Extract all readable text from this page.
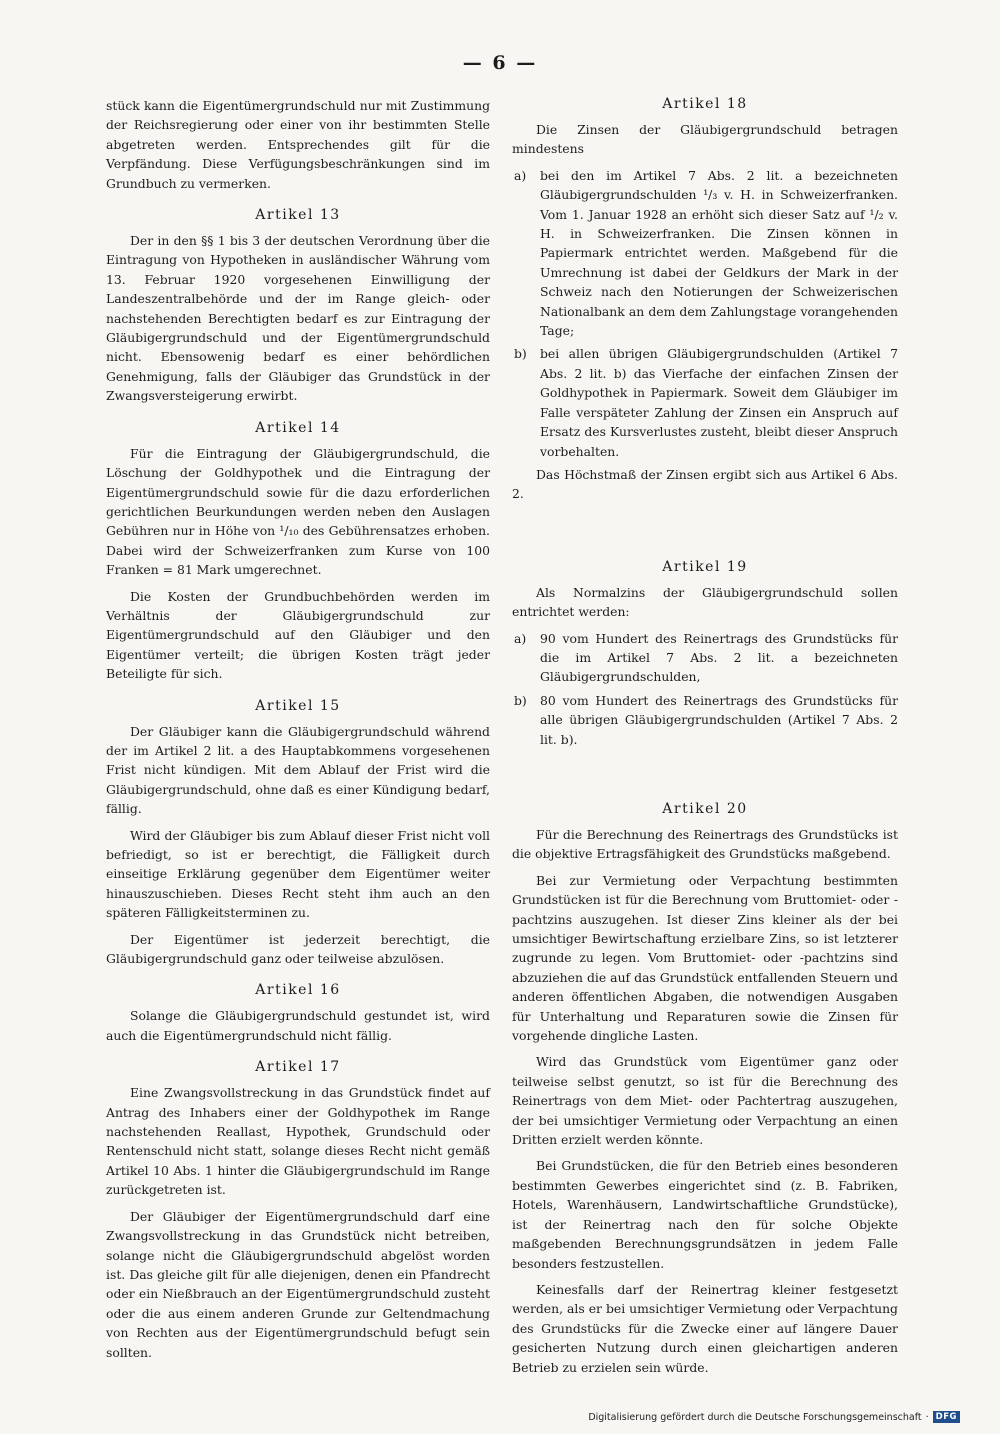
— 6 —

stück kann die Eigentümergrundschuld nur mit Zustimmung der Reichsregierung oder einer von ihr bestimmten Stelle abgetreten werden. Entsprechendes gilt für die Verpfändung. Diese Verfügungsbeschränkungen sind im Grundbuch zu vermerken.

Artikel 13

Der in den §§ 1 bis 3 der deutschen Verordnung über die Eintragung von Hypotheken in ausländischer Währung vom 13. Februar 1920 vorgesehenen Einwilligung der Landeszentralbehörde und der im Range gleich- oder nachstehenden Berechtigten bedarf es zur Eintragung der Gläubigergrundschuld und der Eigentümergrundschuld nicht. Ebensowenig bedarf es einer behördlichen Genehmigung, falls der Gläubiger das Grundstück in der Zwangsversteigerung erwirbt.

Artikel 14

Für die Eintragung der Gläubigergrundschuld, die Löschung der Goldhypothek und die Eintragung der Eigentümergrundschuld sowie für die dazu erforderlichen gerichtlichen Beurkundungen werden neben den Auslagen Gebühren nur in Höhe von ¹/₁₀ des Gebührensatzes erhoben. Dabei wird der Schweizerfranken zum Kurse von 100 Franken = 81 Mark umgerechnet.

Die Kosten der Grundbuchbehörden werden im Verhältnis der Gläubigergrundschuld zur Eigentümergrundschuld auf den Gläubiger und den Eigentümer verteilt; die übrigen Kosten trägt jeder Beteiligte für sich.

Artikel 15

Der Gläubiger kann die Gläubigergrundschuld während der im Artikel 2 lit. a des Hauptabkommens vorgesehenen Frist nicht kündigen. Mit dem Ablauf der Frist wird die Gläubigergrundschuld, ohne daß es einer Kündigung bedarf, fällig.

Wird der Gläubiger bis zum Ablauf dieser Frist nicht voll befriedigt, so ist er berechtigt, die Fälligkeit durch einseitige Erklärung gegenüber dem Eigentümer weiter hinauszuschieben. Dieses Recht steht ihm auch an den späteren Fälligkeitsterminen zu.

Der Eigentümer ist jederzeit berechtigt, die Gläubigergrundschuld ganz oder teilweise abzulösen.

Artikel 16

Solange die Gläubigergrundschuld gestundet ist, wird auch die Eigentümergrundschuld nicht fällig.

Artikel 17

Eine Zwangsvollstreckung in das Grundstück findet auf Antrag des Inhabers einer der Goldhypothek im Range nachstehenden Reallast, Hypothek, Grundschuld oder Rentenschuld nicht statt, solange dieses Recht nicht gemäß Artikel 10 Abs. 1 hinter die Gläubigergrundschuld im Range zurückgetreten ist.

Der Gläubiger der Eigentümergrundschuld darf eine Zwangsvollstreckung in das Grundstück nicht betreiben, solange nicht die Gläubigergrundschuld abgelöst worden ist. Das gleiche gilt für alle diejenigen, denen ein Pfandrecht oder ein Nießbrauch an der Eigentümergrundschuld zusteht oder die aus einem anderen Grunde zur Geltendmachung von Rechten aus der Eigentümergrundschuld befugt sein sollten.

Artikel 18

Die Zinsen der Gläubigergrundschuld betragen mindestens

a)	bei den im Artikel 7 Abs. 2 lit. a bezeichneten Gläubigergrundschulden ¹/₃ v. H. in Schweizerfranken. Vom 1. Januar 1928 an erhöht sich dieser Satz auf ¹/₂ v. H. in Schweizerfranken. Die Zinsen können in Papiermark entrichtet werden. Maßgebend für die Umrechnung ist dabei der Geldkurs der Mark in der Schweiz nach den Notierungen der Schweizerischen Nationalbank an dem dem Zahlungstage vorangehenden Tage;
b)	bei allen übrigen Gläubigergrundschulden (Artikel 7 Abs. 2 lit. b) das Vierfache der einfachen Zinsen der Goldhypothek in Papiermark. Soweit dem Gläubiger im Falle verspäteter Zahlung der Zinsen ein Anspruch auf Ersatz des Kursverlustes zusteht, bleibt dieser Anspruch vorbehalten.

Das Höchstmaß der Zinsen ergibt sich aus Artikel 6 Abs. 2.

Artikel 19

Als Normalzins der Gläubigergrundschuld sollen entrichtet werden:

a)	90 vom Hundert des Reinertrags des Grundstücks für die im Artikel 7 Abs. 2 lit. a bezeichneten Gläubigergrundschulden,
b)	80 vom Hundert des Reinertrags des Grundstücks für alle übrigen Gläubigergrundschulden (Artikel 7 Abs. 2 lit. b).
Artikel 20

Für die Berechnung des Reinertrags des Grundstücks ist die objektive Ertragsfähigkeit des Grundstücks maßgebend.

Bei zur Vermietung oder Verpachtung bestimmten Grundstücken ist für die Berechnung vom Bruttomiet- oder -pachtzins auszugehen. Ist dieser Zins kleiner als der bei umsichtiger Bewirtschaftung erzielbare Zins, so ist letzterer zugrunde zu legen. Vom Bruttomiet- oder -pachtzins sind abzuziehen die auf das Grundstück entfallenden Steuern und anderen öffentlichen Abgaben, die notwendigen Ausgaben für Unterhaltung und Reparaturen sowie die Zinsen für vorgehende dingliche Lasten.

Wird das Grundstück vom Eigentümer ganz oder teilweise selbst genutzt, so ist für die Berechnung des Reinertrags von dem Miet- oder Pachtertrag auszugehen, der bei umsichtiger Vermietung oder Verpachtung an einen Dritten erzielt werden könnte.

Bei Grundstücken, die für den Betrieb eines besonderen bestimmten Gewerbes eingerichtet sind (z. B. Fabriken, Hotels, Warenhäusern, Landwirtschaftliche Grundstücke), ist der Reinertrag nach den für solche Objekte maßgebenden Berechnungsgrundsätzen in jedem Falle besonders festzustellen.

Keinesfalls darf der Reinertrag kleiner festgesetzt werden, als er bei umsichtiger Vermietung oder Verpachtung des Grundstücks für die Zwecke einer auf längere Dauer gesicherten Nutzung durch einen gleichartigen anderen Betrieb zu erzielen sein würde.

Digitalisierung gefördert durch die Deutsche Forschungsgemeinschaft · DFG
